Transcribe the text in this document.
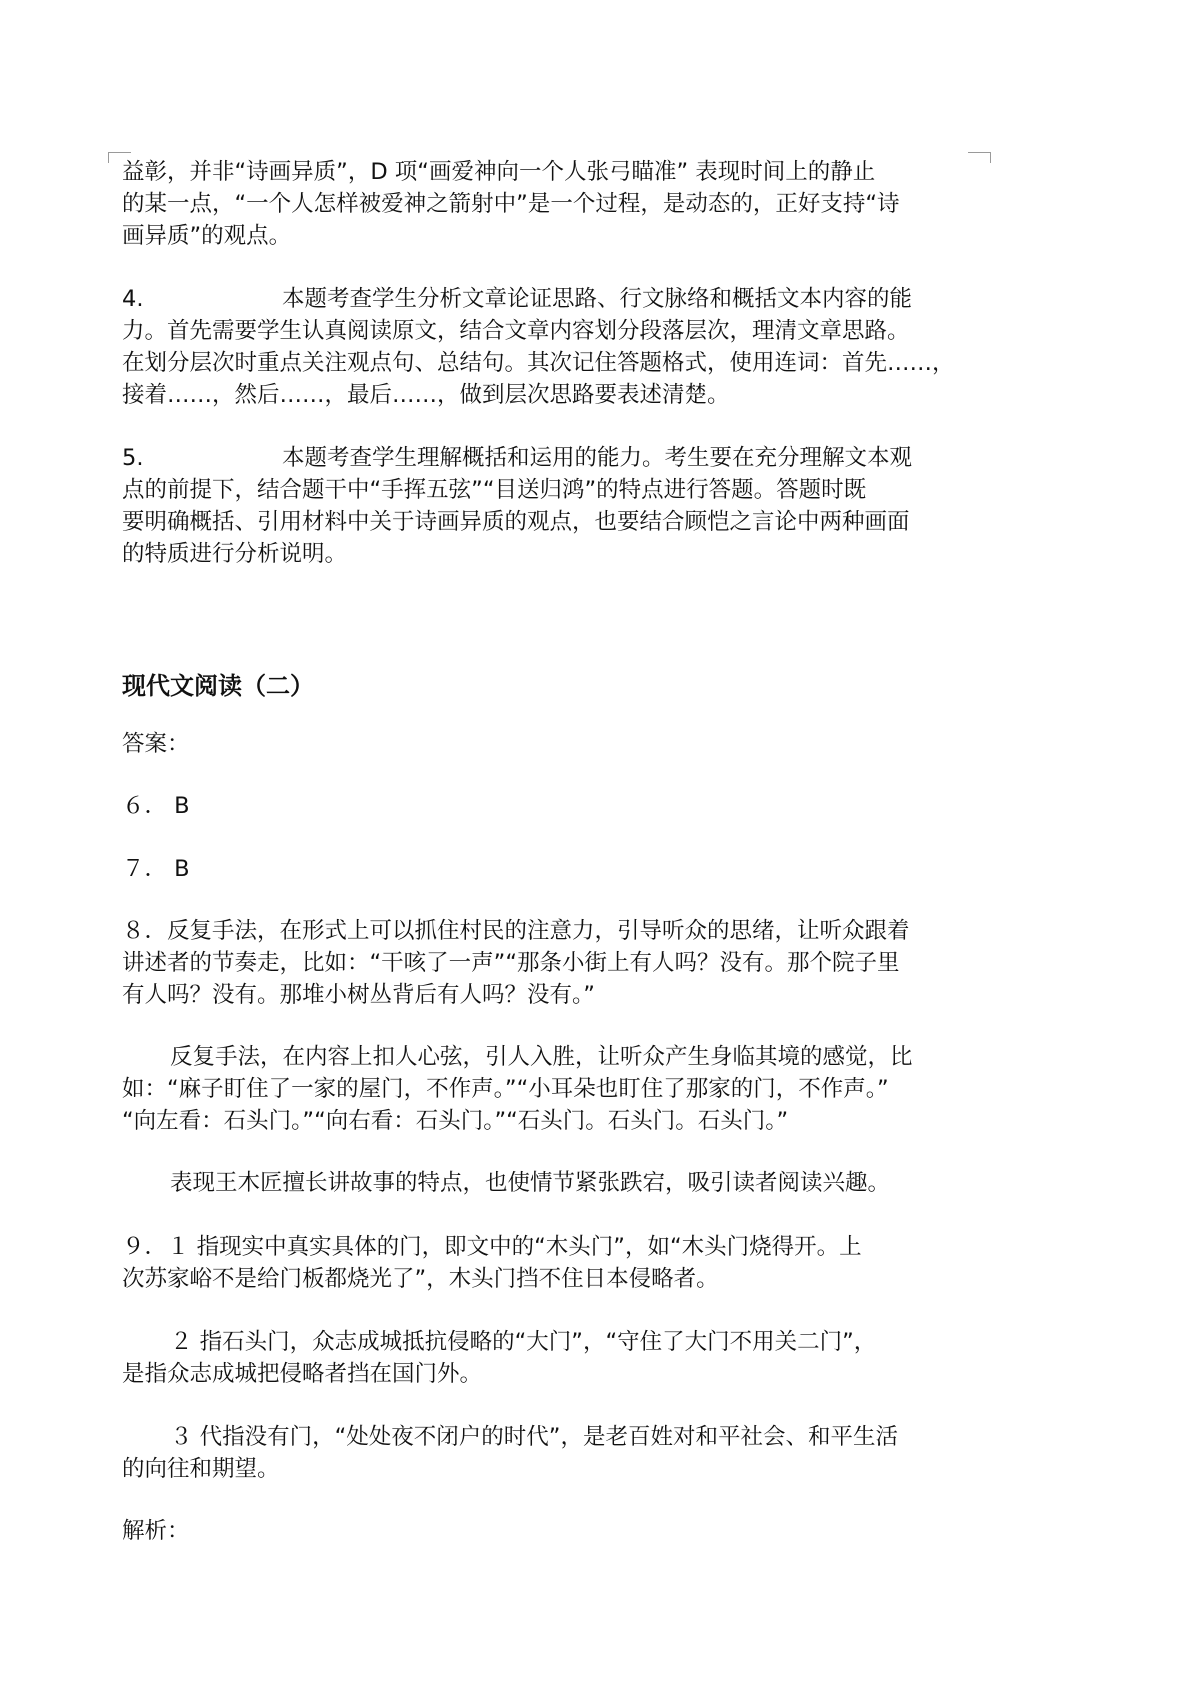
益彰，并非“诗画异质”，D 项“画爱神向一个人张弓瞄准” 表现时间上的静止
的某一点，“一个人怎样被爱神之箭射中”是一个过程，是动态的，正好支持“诗
画异质”的观点。
4.	本题考查学生分析文章论证思路、行文脉络和概括文本内容的能
力。首先需要学生认真阅读原文，结合文章内容划分段落层次，理清文章思路。
在划分层次时重点关注观点句、总结句。其次记住答题格式，使用连词：首先……，
接着……，然后……，最后……，做到层次思路要表述清楚。
5.	本题考查学生理解概括和运用的能力。考生要在充分理解文本观
点的前提下，结合题干中“手挥五弦”“目送归鸿”的特点进行答题。答题时既
要明确概括、引用材料中关于诗画异质的观点，也要结合顾恺之言论中两种画面
的特质进行分析说明。
现代文阅读（二）
答案：
６． B
７． B
８．反复手法，在形式上可以抓住村民的注意力，引导听众的思绪，让听众跟着
讲述者的节奏走，比如：“干咳了一声”“那条小街上有人吗？没有。那个院子里
有人吗？没有。那堆小树丛背后有人吗？没有。”
反复手法，在内容上扣人心弦，引人入胜，让听众产生身临其境的感觉，比
如：“麻子盯住了一家的屋门，不作声。”“小耳朵也盯住了那家的门，不作声。”
“向左看：石头门。”“向右看：石头门。”“石头门。石头门。石头门。”
表现王木匠擅长讲故事的特点，也使情节紧张跌宕，吸引读者阅读兴趣。
９．１ 指现实中真实具体的门，即文中的“木头门”，如“木头门烧得开。上
次苏家峪不是给门板都烧光了”，木头门挡不住日本侵略者。
２ 指石头门，众志成城抵抗侵略的“大门”，“守住了大门不用关二门”，
是指众志成城把侵略者挡在国门外。
３ 代指没有门，“处处夜不闭户的时代”，是老百姓对和平社会、和平生活
的向往和期望。
解析：
